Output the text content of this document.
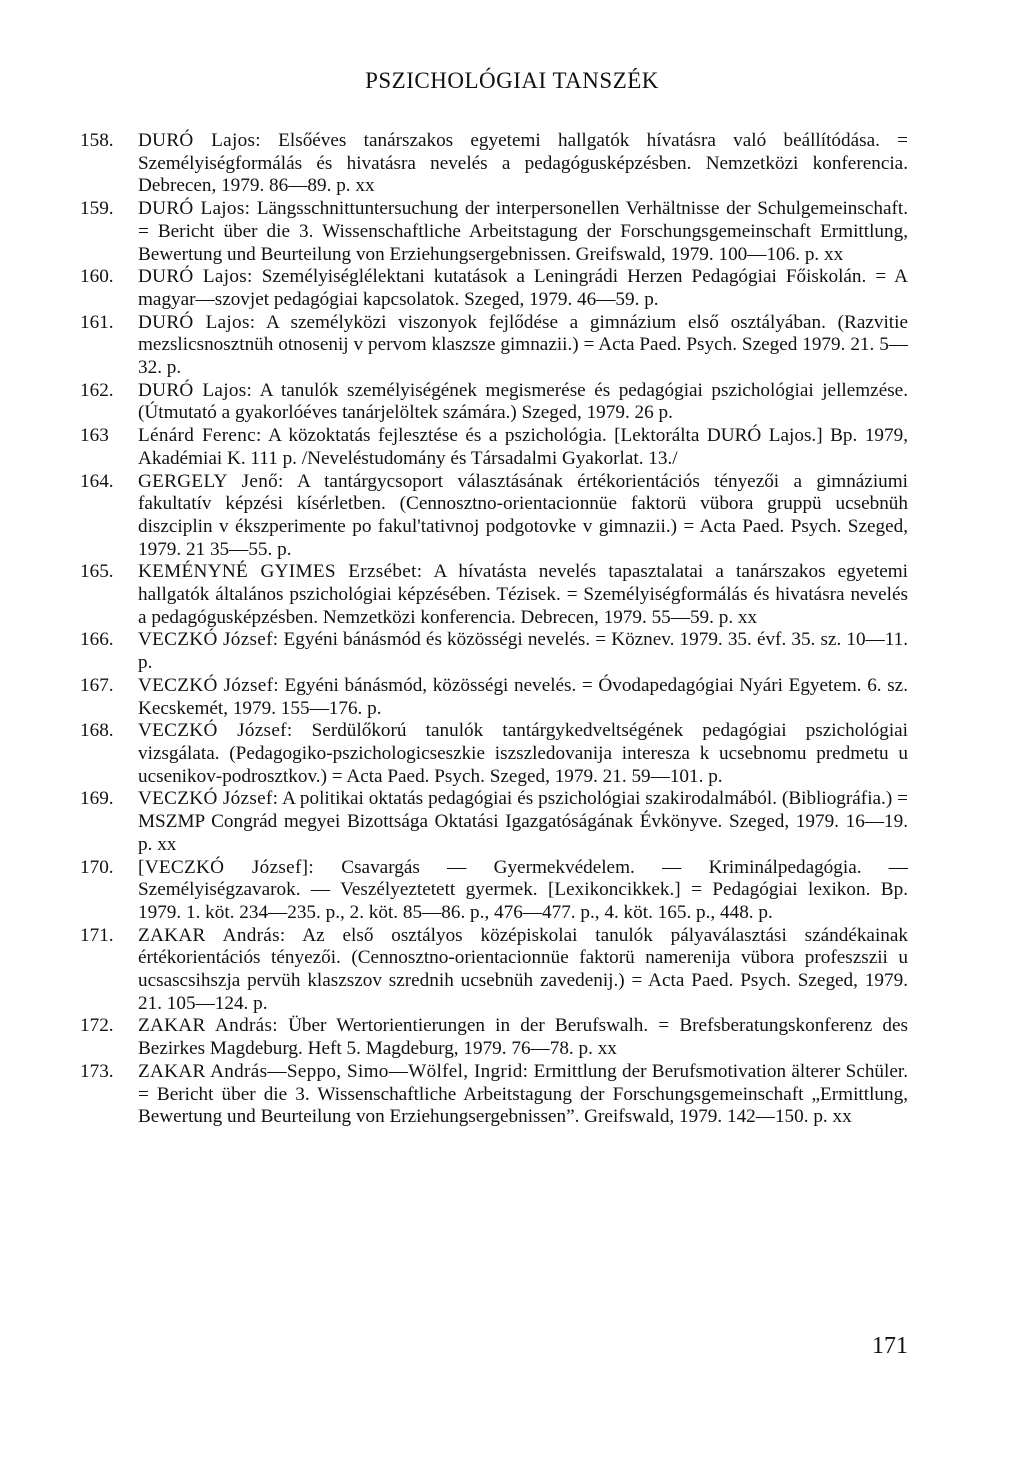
PSZICHOLÓGIAI TANSZÉK
158.	DURÓ Lajos: Elsőéves tanárszakos egyetemi hallgatók hívatásra való beállítódása. = Személyiségformálás és hivatásra nevelés a pedagógusképzésben. Nemzetközi konferencia. Debrecen, 1979. 86—89. p. xx
159.	DURÓ Lajos: Längsschnittuntersuchung der interpersonellen Verhältnisse der Schulgemeinschaft. = Bericht über die 3. Wissenschaftliche Arbeitstagung der Forschungsgemeinschaft Ermittlung, Bewertung und Beurteilung von Erziehungsergebnissen. Greifswald, 1979. 100—106. p. xx
160.	DURÓ Lajos: Személyiséglélektani kutatások a Leningrádi Herzen Pedagógiai Főiskolán. = A magyar—szovjet pedagógiai kapcsolatok. Szeged, 1979. 46—59. p.
161.	DURÓ Lajos: A személyközi viszonyok fejlődése a gimnázium első osztályában. (Razvitie mezslicsnosztnüh otnosenij v pervom klaszsze gimnazii.) = Acta Paed. Psych. Szeged 1979. 21. 5—32. p.
162.	DURÓ Lajos: A tanulók személyiségének megismerése és pedagógiai pszichológiai jellemzése. (Útmutató a gyakorlóéves tanárjelöltek számára.) Szeged, 1979. 26 p.
163	Lénárd Ferenc: A közoktatás fejlesztése és a pszichológia. [Lektorálta DURÓ Lajos.] Bp. 1979, Akadémiai K. 111 p. /Neveléstudomány és Társadalmi Gyakorlat. 13./
164.	GERGELY Jenő: A tantárgycsoport választásának értékorientációs tényezői a gimnáziumi fakultatív képzési kísérletben. (Cennosztno-orientacionnüe faktorü vübora gruppü ucsebnüh diszciplin v ékszperimente po fakul'tativnoj podgotovke v gimnazii.) = Acta Paed. Psych. Szeged, 1979. 21 35—55. p.
165.	KEMÉNYNÉ GYIMES Erzsébet: A hívatásta nevelés tapasztalatai a tanárszakos egyetemi hallgatók általános pszichológiai képzésében. Tézisek. = Személyiségformálás és hivatásra nevelés a pedagógusképzésben. Nemzetközi konferencia. Debrecen, 1979. 55—59. p. xx
166.	VECZKÓ József: Egyéni bánásmód és közösségi nevelés. = Köznev. 1979. 35. évf. 35. sz. 10—11. p.
167.	VECZKÓ József: Egyéni bánásmód, közösségi nevelés. = Óvodapedagógiai Nyári Egyetem. 6. sz. Kecskemét, 1979. 155—176. p.
168.	VECZKÓ József: Serdülőkorú tanulók tantárgykedveltségének pedagógiai pszichológiai vizsgálata. (Pedagogiko-pszichologicseszkie iszszledovanija interesza k ucsebnomu predmetu u ucsenikov-podrosztkov.) = Acta Paed. Psych. Szeged, 1979. 21. 59—101. p.
169.	VECZKÓ József: A politikai oktatás pedagógiai és pszichológiai szakirodalmából. (Bibliográfia.) = MSZMP Congrád megyei Bizottsága Oktatási Igazgatóságának Évkönyve. Szeged, 1979. 16—19. p. xx
170.	[VECZKÓ József]: Csavargás — Gyermekvédelem. — Kriminálpedagógia. — Személyiségzavarok. — Veszélyeztetett gyermek. [Lexikoncikkek.] = Pedagógiai lexikon. Bp. 1979. 1. köt. 234—235. p., 2. köt. 85—86. p., 476—477. p., 4. köt. 165. p., 448. p.
171.	ZAKAR András: Az első osztályos középiskolai tanulók pályaválasztási szándékainak értékorientációs tényezői. (Cennosztno-orientacionnüe faktorü namerenija vübora profeszszii u ucsascsihszja pervüh klaszszov szrednih ucsebnüh zavedenij.) = Acta Paed. Psych. Szeged, 1979. 21. 105—124. p.
172.	ZAKAR András: Über Wertorientierungen in der Berufswalh. = Brefsberatungskonferenz des Bezirkes Magdeburg. Heft 5. Magdeburg, 1979. 76—78. p. xx
173.	ZAKAR András—Seppo, Simo—Wölfel, Ingrid: Ermittlung der Berufsmotivation älterer Schüler. = Bericht über die 3. Wissenschaftliche Arbeitstagung der Forschungsgemeinschaft „Ermittlung, Bewertung und Beurteilung von Erziehungsergebnissen”. Greifswald, 1979. 142—150. p. xx
171
